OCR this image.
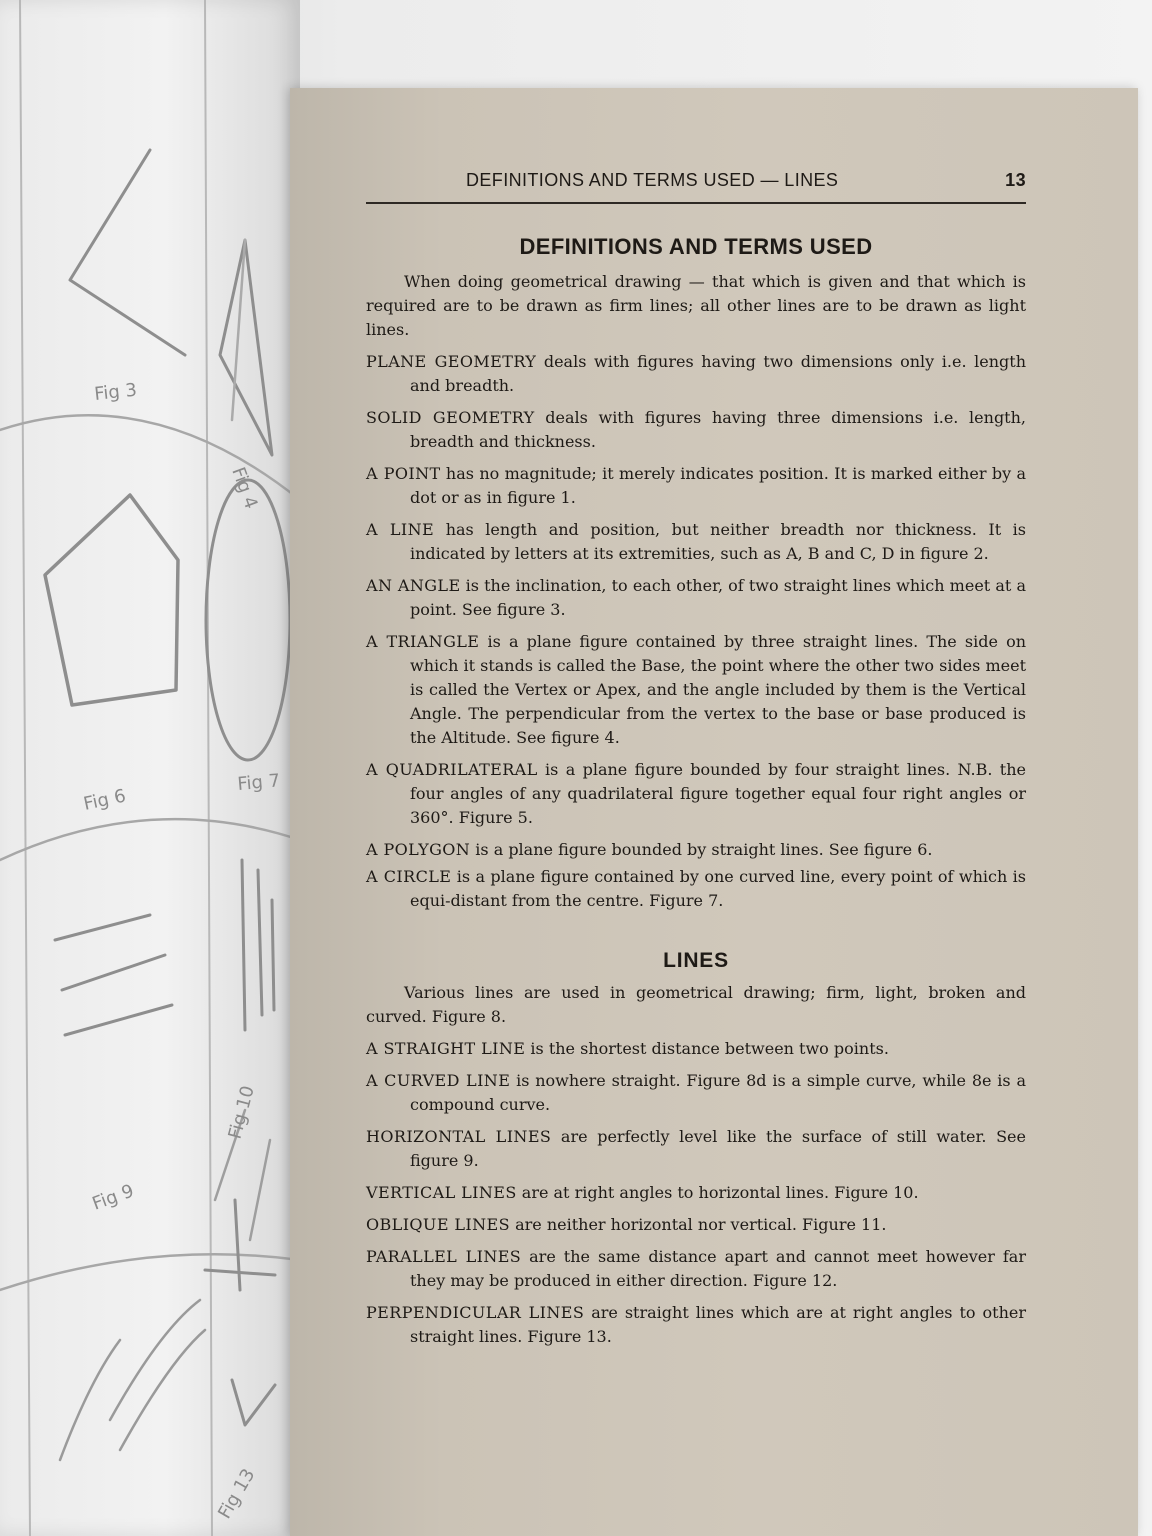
Fig 3
Fig 4
Fig 6
Fig 7
Fig 9
Fig 10
Fig 13
DEFINITIONS AND TERMS USED — LINES	13
DEFINITIONS AND TERMS USED

When doing geometrical drawing — that which is given and that which is required are to be drawn as firm lines; all other lines are to be drawn as light lines.

PLANE GEOMETRY deals with figures having two dimensions only i.e. length and breadth.
SOLID GEOMETRY deals with figures having three dimensions i.e. length, breadth and thickness.
A POINT has no magnitude; it merely indicates position. It is marked either by a dot or as in figure 1.
A LINE has length and position, but neither breadth nor thickness. It is indicated by letters at its extremities, such as A, B and C, D in figure 2.
AN ANGLE is the inclination, to each other, of two straight lines which meet at a point. See figure 3.
A TRIANGLE is a plane figure contained by three straight lines. The side on which it stands is called the Base, the point where the other two sides meet is called the Vertex or Apex, and the angle included by them is the Vertical Angle. The perpendicular from the vertex to the base or base produced is the Altitude. See figure 4.
A QUADRILATERAL is a plane figure bounded by four straight lines. N.B. the four angles of any quadrilateral figure together equal four right angles or 360°. Figure 5.
A POLYGON is a plane figure bounded by straight lines. See figure 6.
A CIRCLE is a plane figure contained by one curved line, every point of which is equi-distant from the centre. Figure 7.
LINES

Various lines are used in geometrical drawing; firm, light, broken and curved. Figure 8.

A STRAIGHT LINE is the shortest distance between two points.
A CURVED LINE is nowhere straight. Figure 8d is a simple curve, while 8e is a compound curve.
HORIZONTAL LINES are perfectly level like the surface of still water. See figure 9.
VERTICAL LINES are at right angles to horizontal lines. Figure 10.
OBLIQUE LINES are neither horizontal nor vertical. Figure 11.
PARALLEL LINES are the same distance apart and cannot meet however far they may be produced in either direction. Figure 12.
PERPENDICULAR LINES are straight lines which are at right angles to other straight lines. Figure 13.
